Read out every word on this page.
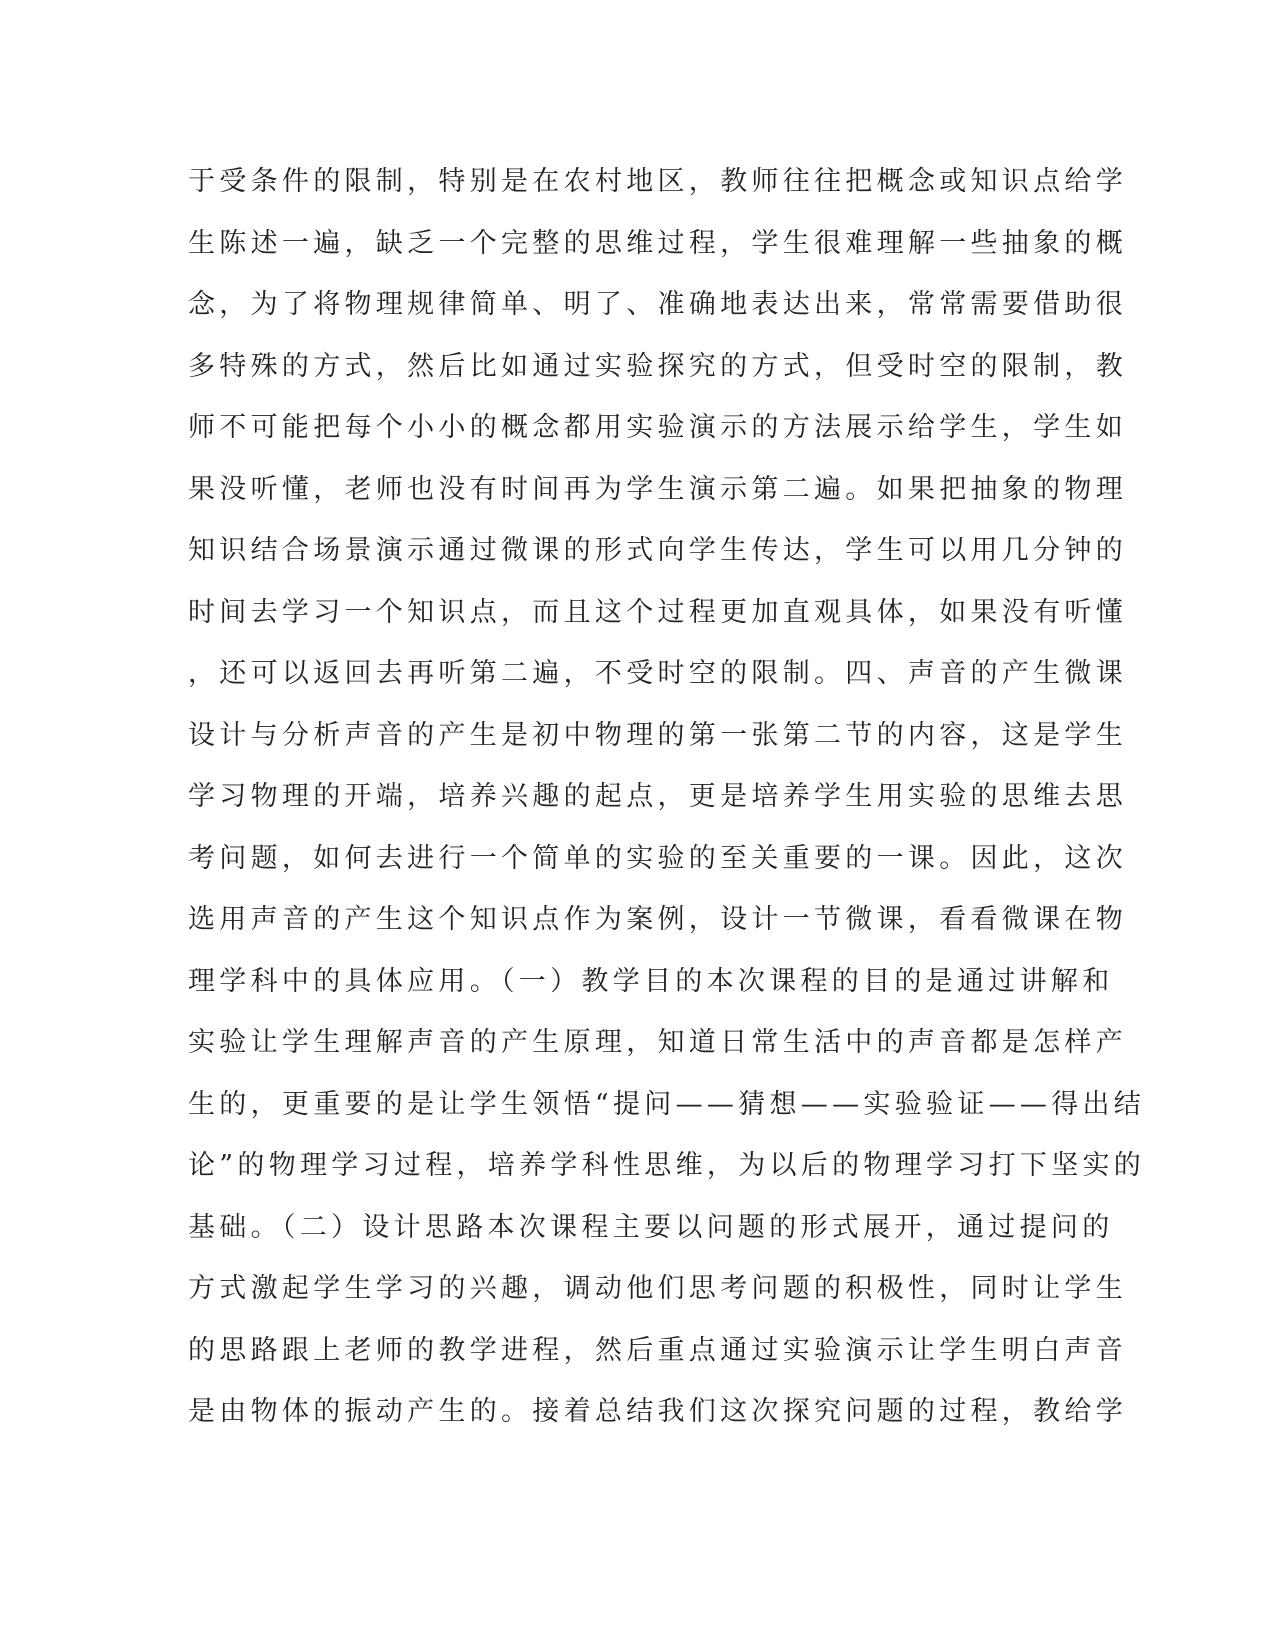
于受条件的限制，特别是在农村地区，教师往往把概念或知识点给学
生陈述一遍，缺乏一个完整的思维过程，学生很难理解一些抽象的概
念，为了将物理规律简单、明了、准确地表达出来，常常需要借助很
多特殊的方式，然后比如通过实验探究的方式，但受时空的限制，教
师不可能把每个小小的概念都用实验演示的方法展示给学生，学生如
果没听懂，老师也没有时间再为学生演示第二遍。如果把抽象的物理
知识结合场景演示通过微课的形式向学生传达，学生可以用几分钟的
时间去学习一个知识点，而且这个过程更加直观具体，如果没有听懂
，还可以返回去再听第二遍，不受时空的限制。四、声音的产生微课
设计与分析声音的产生是初中物理的第一张第二节的内容，这是学生
学习物理的开端，培养兴趣的起点，更是培养学生用实验的思维去思
考问题，如何去进行一个简单的实验的至关重要的一课。因此，这次
选用声音的产生这个知识点作为案例，设计一节微课，看看微课在物
理学科中的具体应用。（一）教学目的本次课程的目的是通过讲解和
实验让学生理解声音的产生原理，知道日常生活中的声音都是怎样产
生的，更重要的是让学生领悟“提问——猜想——实验验证——得出结
论”的物理学习过程，培养学科性思维，为以后的物理学习打下坚实的
基础。（二）设计思路本次课程主要以问题的形式展开，通过提问的
方式激起学生学习的兴趣，调动他们思考问题的积极性，同时让学生
的思路跟上老师的教学进程，然后重点通过实验演示让学生明白声音
是由物体的振动产生的。接着总结我们这次探究问题的过程，教给学
